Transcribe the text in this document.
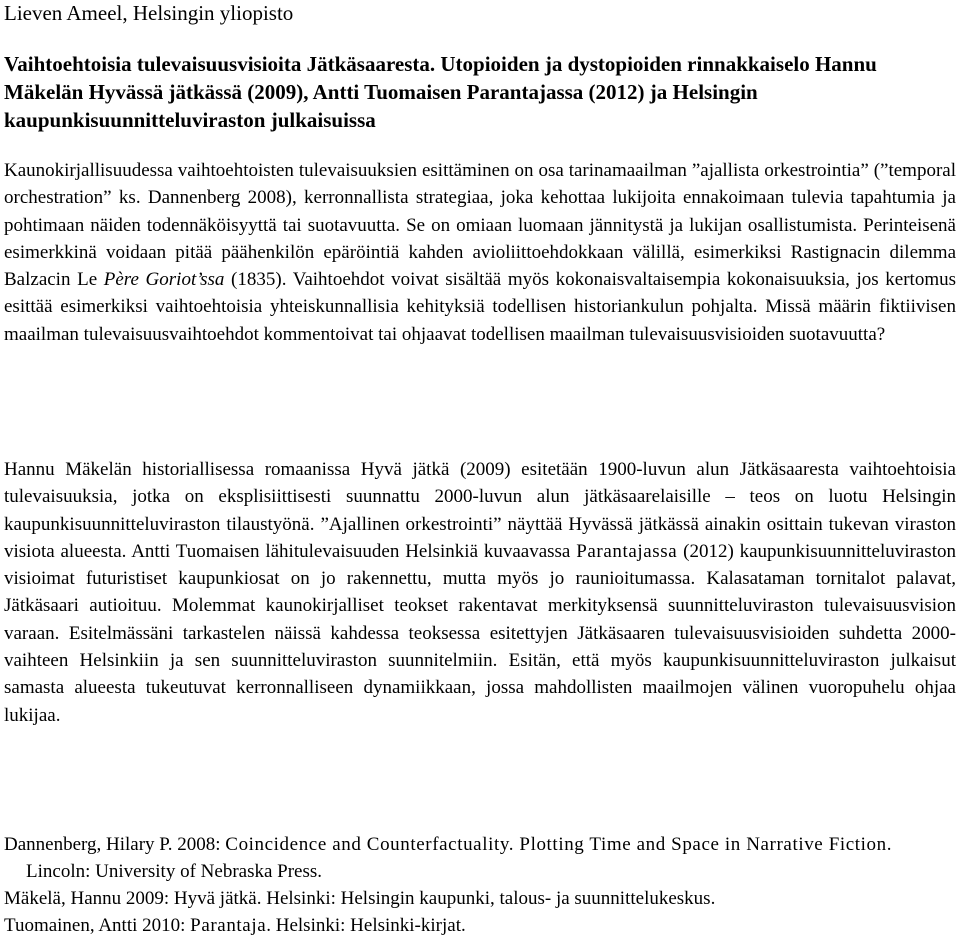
Lieven Ameel, Helsingin yliopisto

Vaihtoehtoisia tulevaisuusvisioita Jätkäsaaresta. Utopioiden ja dystopioiden rinnakkaiselo Hannu Mäkelän Hyvässä jätkässä (2009), Antti Tuomaisen Parantajassa (2012) ja Helsingin kaupunkisuunnitteluviraston julkaisuissa

Kaunokirjallisuudessa vaihtoehtoisten tulevaisuuksien esittäminen on osa tarinamaailman ”ajallista orkestrointia” (”temporal orchestration” ks. Dannenberg 2008), kerronnallista strategiaa, joka kehottaa lukijoita ennakoimaan tulevia tapahtumia ja pohtimaan näiden todennäköisyyttä tai suotavuutta. Se on omiaan luomaan jännitystä ja lukijan osallistumista. Perinteisenä esimerkkinä voidaan pitää päähenkilön epäröintiä kahden avioliittoehdokkaan välillä, esimerkiksi Rastignacin dilemma Balzacin Le Père Goriot’ssa (1835). Vaihtoehdot voivat sisältää myös kokonaisvaltaisempia kokonaisuuksia, jos kertomus esittää esimerkiksi vaihtoehtoisia yhteiskunnallisia kehityksiä todellisen historiankulun pohjalta. Missä määrin fiktiivisen maailman tulevaisuusvaihtoehdot kommentoivat tai ohjaavat todellisen maailman tulevaisuusvisioiden suotavuutta?

Hannu Mäkelän historiallisessa romaanissa Hyvä jätkä (2009) esitetään 1900-luvun alun Jätkäsaaresta vaihtoehtoisia tulevaisuuksia, jotka on eksplisiittisesti suunnattu 2000-luvun alun jätkäsaarelaisille – teos on luotu Helsingin kaupunkisuunnitteluviraston tilaustyönä. ”Ajallinen orkestrointi” näyttää Hyvässä jätkässä ainakin osittain tukevan viraston visiota alueesta. Antti Tuomaisen lähitulevaisuuden Helsinkiä kuvaavassa Parantajassa (2012) kaupunkisuunnitteluviraston visioimat futuristiset kaupunkiosat on jo rakennettu, mutta myös jo raunioitumassa. Kalasataman tornitalot palavat, Jätkäsaari autioituu. Molemmat kaunokirjalliset teokset rakentavat merkityksensä suunnitteluviraston tulevaisuusvision varaan. Esitelmässäni tarkastelen näissä kahdessa teoksessa esitettyjen Jätkäsaaren tulevaisuusvisioiden suhdetta 2000-vaihteen Helsinkiin ja sen suunnitteluviraston suunnitelmiin. Esitän, että myös kaupunkisuunnitteluviraston julkaisut samasta alueesta tukeutuvat kerronnalliseen dynamiikkaan, jossa mahdollisten maailmojen välinen vuoropuhelu ohjaa lukijaa.

Dannenberg, Hilary P. 2008: Coincidence and Counterfactuality. Plotting Time and Space in Narrative Fiction. Lincoln: University of Nebraska Press.

Mäkelä, Hannu 2009: Hyvä jätkä. Helsinki: Helsingin kaupunki, talous- ja suunnittelukeskus.

Tuomainen, Antti 2010: Parantaja. Helsinki: Helsinki-kirjat.
